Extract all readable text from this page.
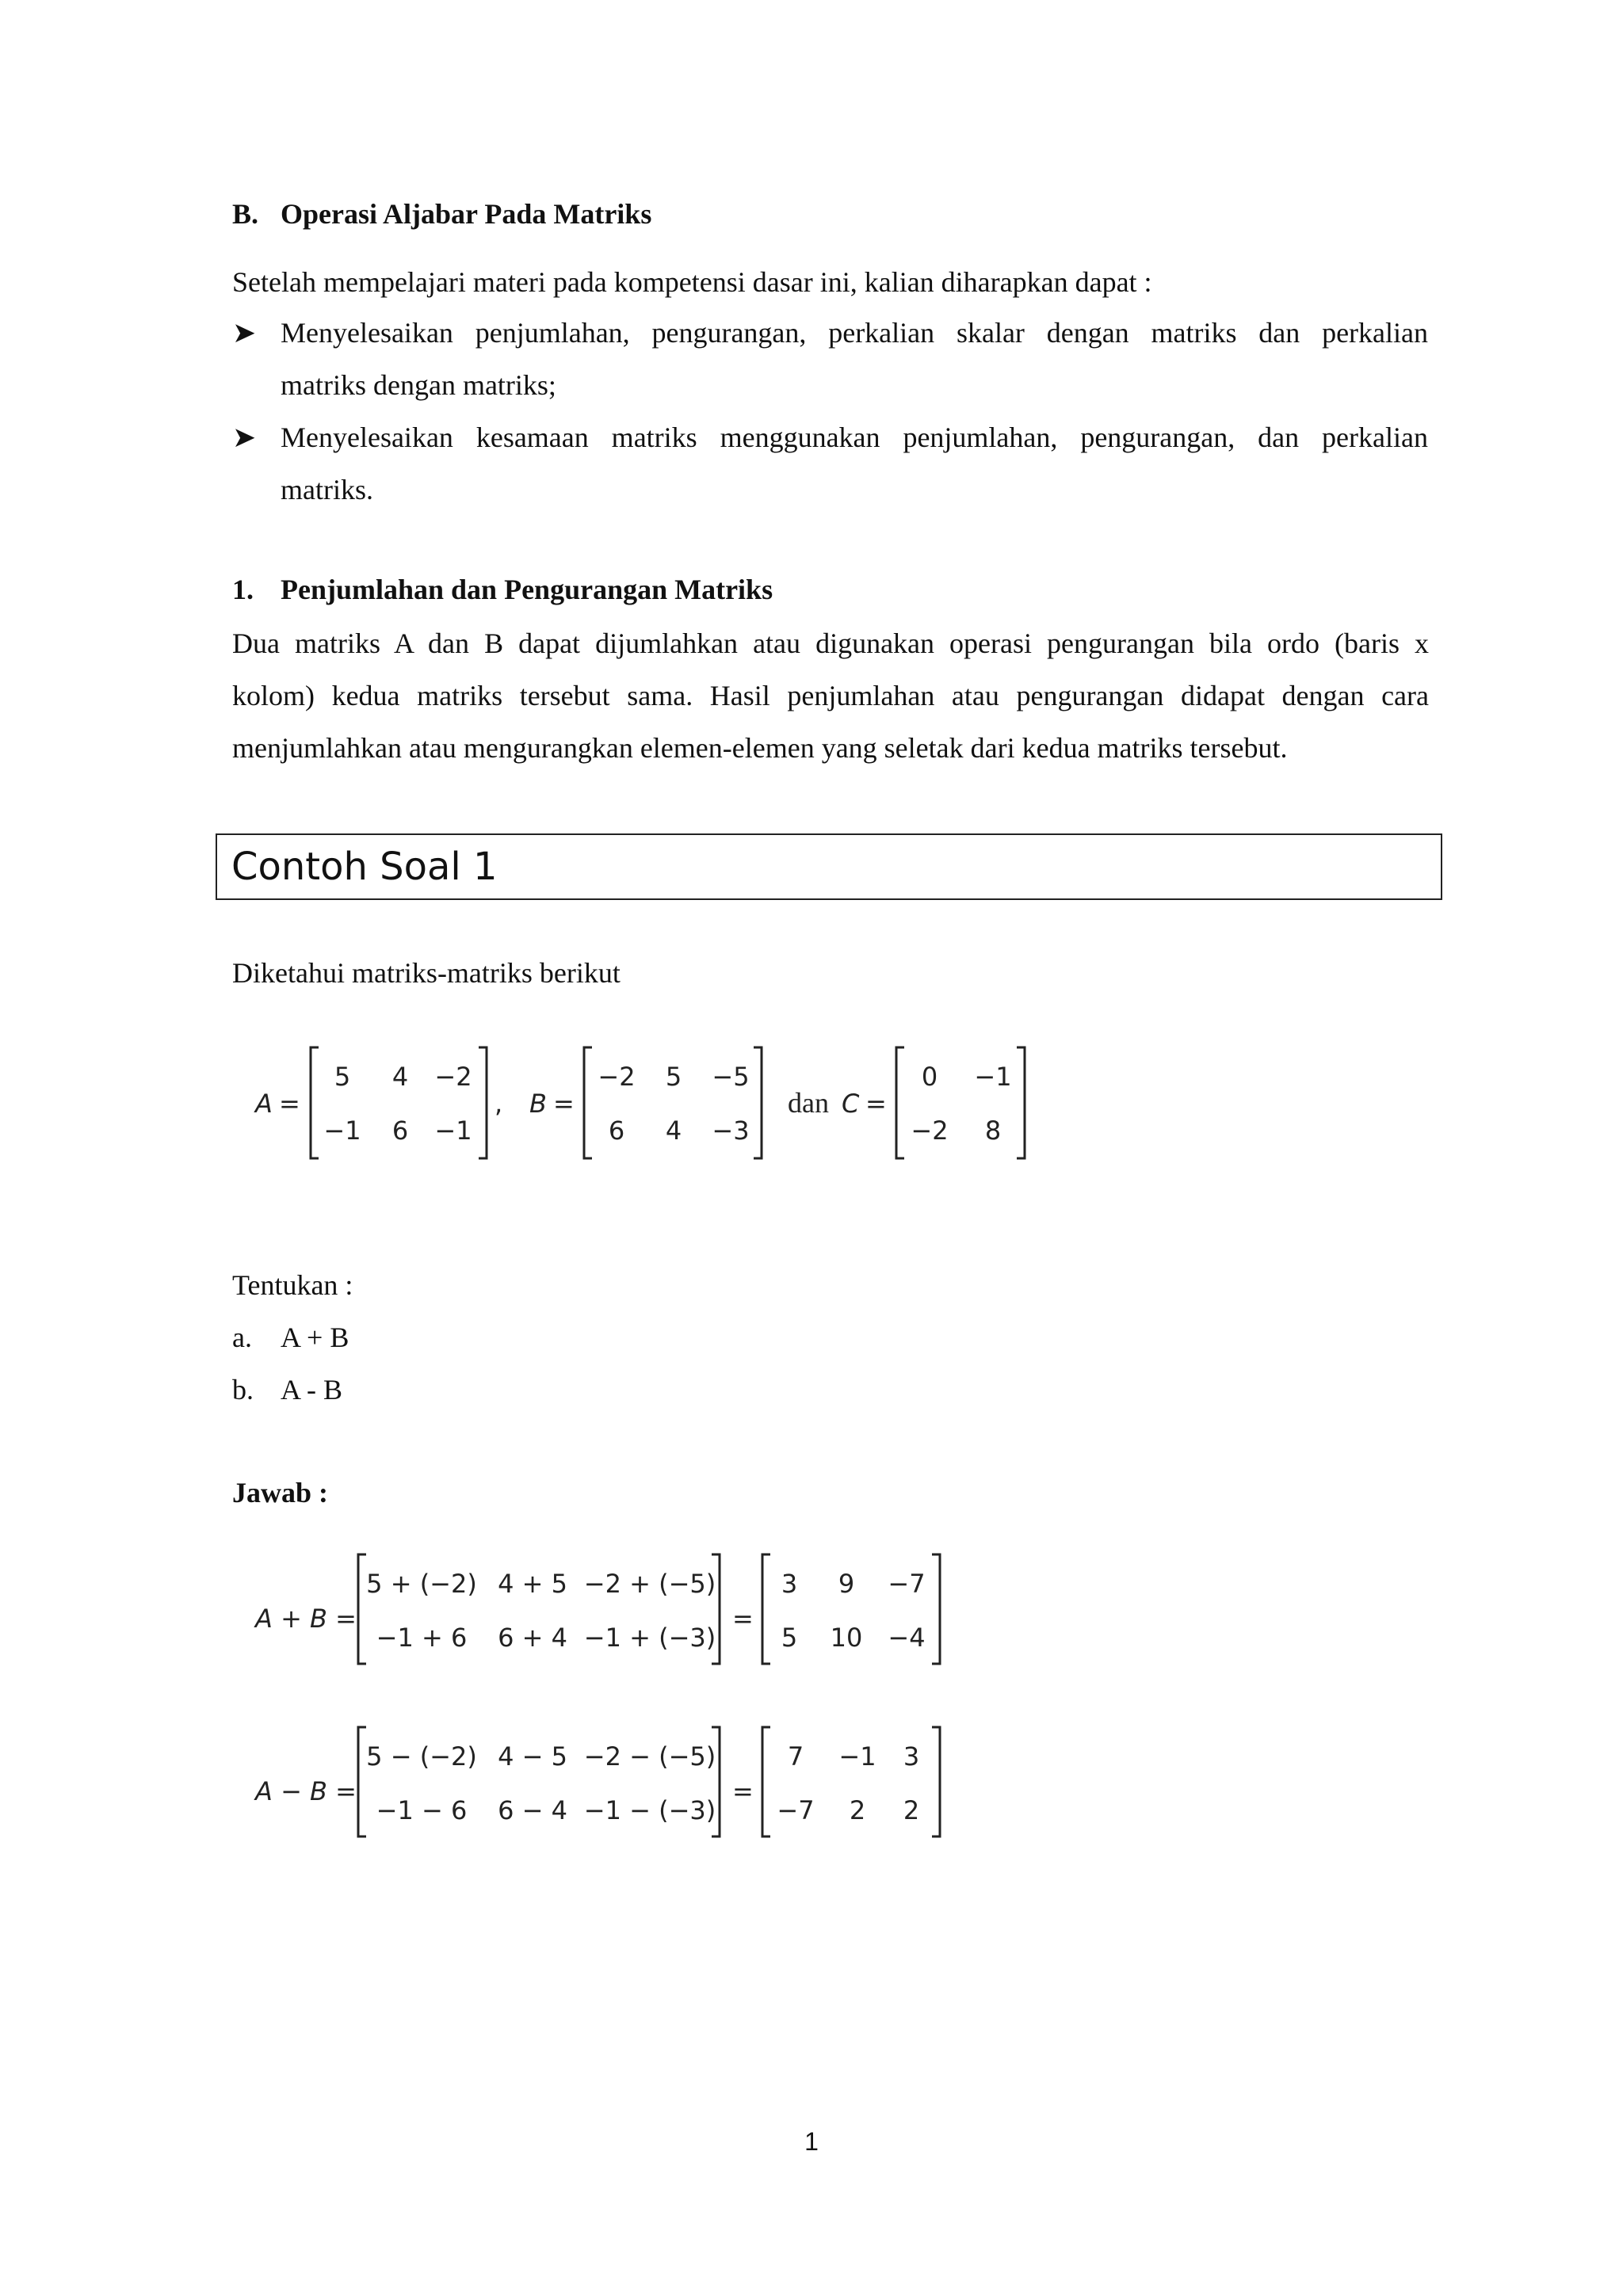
B. Operasi Aljabar Pada Matriks
Setelah mempelajari materi pada kompetensi dasar ini, kalian diharapkan dapat :
➤ Menyelesaikan penjumlahan, pengurangan, perkalian skalar dengan matriks dan perkalian
matriks dengan matriks;
➤ Menyelesaikan kesamaan matriks menggunakan penjumlahan, pengurangan, dan perkalian
matriks.
1. Penjumlahan dan Pengurangan Matriks
Dua matriks A dan B dapat dijumlahkan atau digunakan operasi pengurangan bila ordo (baris x
kolom) kedua matriks tersebut sama. Hasil penjumlahan atau pengurangan didapat dengan cara
menjumlahkan atau mengurangkan elemen-elemen yang seletak dari kedua matriks tersebut.
Contoh Soal 1
Diketahui matriks-matriks berikut
A =
5 4 −2
−1 6 −1
, B =
−2 5 −5
6 4 −3
dan C =
0 −1
−2 8
Tentukan :
a. A + B
b. A - B
Jawab :
A + B =
5 + (−2) 4 + 5 −2 + (−5)
−1 + 6 6 + 4 −1 + (−3)
=
3 9 −7
5 10 −4
A − B =
5 − (−2) 4 − 5 −2 − (−5)
−1 − 6 6 − 4 −1 − (−3)
=
7 −1 3
−7 2 2
1
